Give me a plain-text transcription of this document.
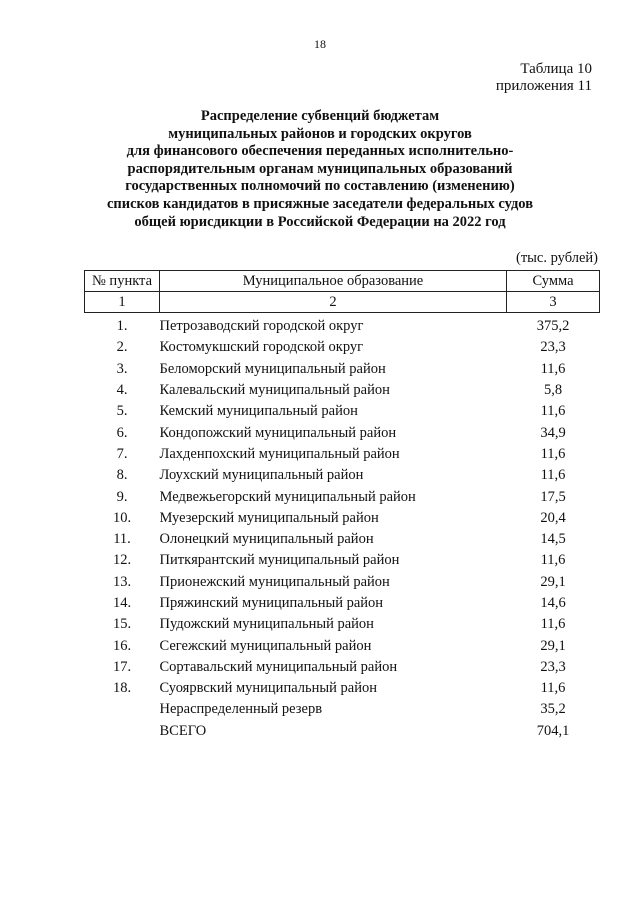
18
Таблица 10
приложения 11
Распределение субвенций бюджетам
муниципальных районов и городских округов
для финансового обеспечения переданных исполнительно-
распорядительным органам муниципальных образований
государственных полномочий по составлению (изменению)
списков кандидатов в присяжные заседатели федеральных судов
общей юрисдикции в Российской Федерации на 2022 год
(тыс. рублей)
№ пункта	Муниципальное образование	Сумма
1	2	3
1.	Петрозаводский городской округ	375,2
2.	Костомукшский городской округ	23,3
3.	Беломорский муниципальный район	11,6
4.	Калевальский муниципальный район	5,8
5.	Кемский муниципальный район	11,6
6.	Кондопожский муниципальный район	34,9
7.	Лахденпохский муниципальный район	11,6
8.	Лоухский муниципальный район	11,6
9.	Медвежьегорский муниципальный район	17,5
10.	Муезерский муниципальный район	20,4
11.	Олонецкий муниципальный район	14,5
12.	Питкярантский муниципальный район	11,6
13.	Прионежский муниципальный район	29,1
14.	Пряжинский муниципальный район	14,6
15.	Пудожский муниципальный район	11,6
16.	Сегежский муниципальный район	29,1
17.	Сортавальский муниципальный район	23,3
18.	Суоярвский муниципальный район	11,6
	Нераспределенный резерв	35,2
	ВСЕГО	704,1
